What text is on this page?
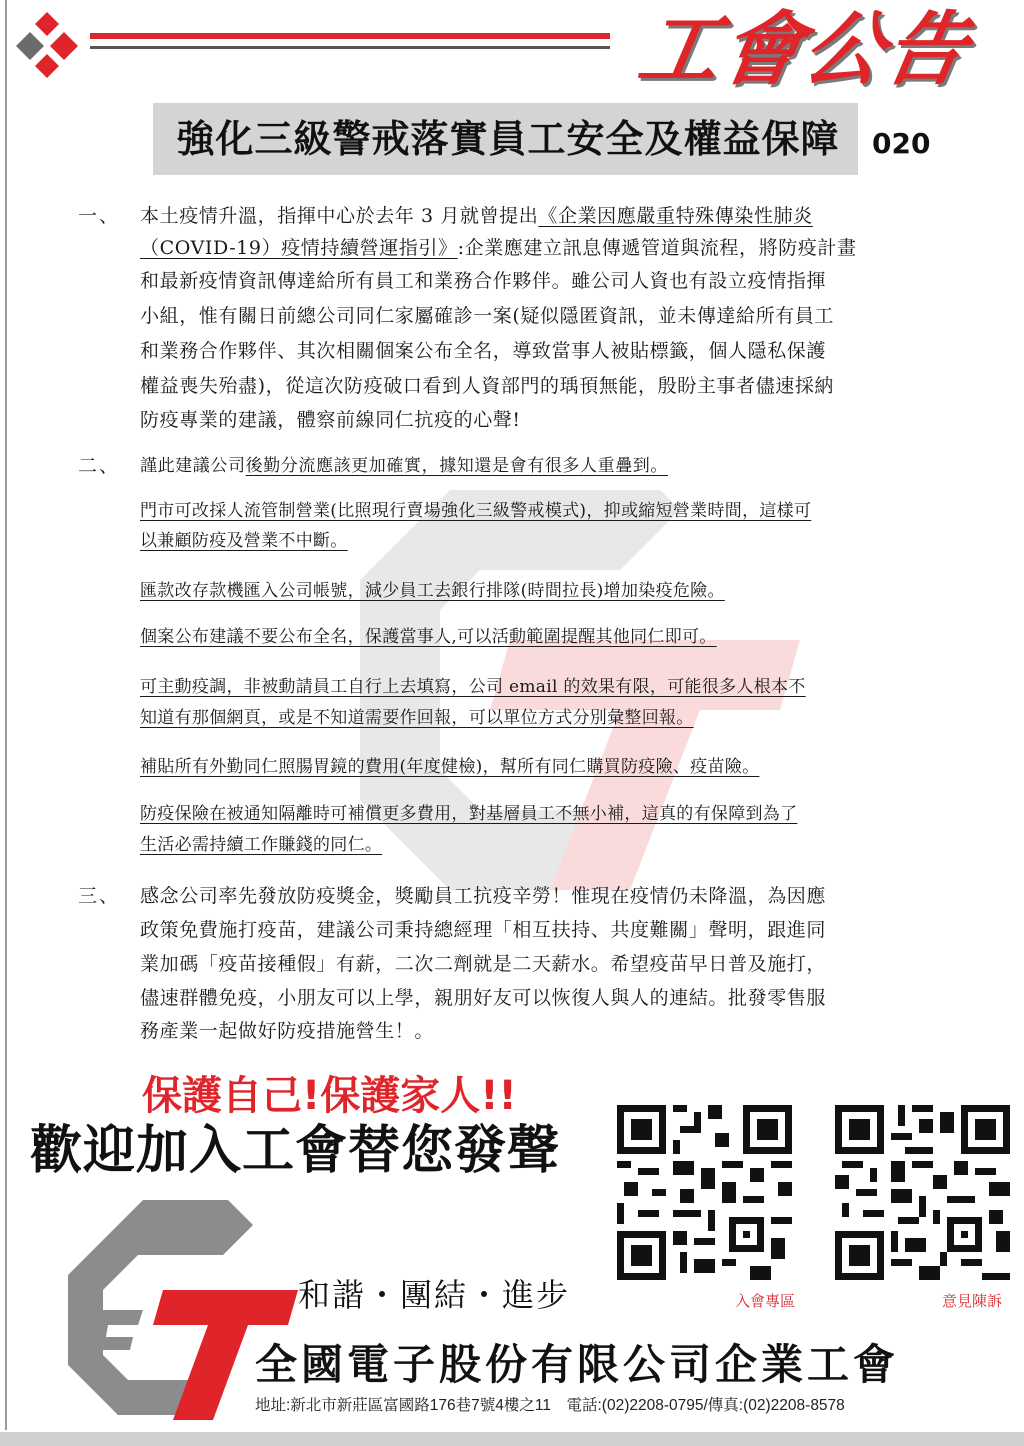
工會公告
強化三級警戒落實員工安全及權益保障	020
一、 本土疫情升溫，指揮中心於去年 3 月就曾提出《企業因應嚴重特殊傳染性肺炎
（COVID-19）疫情持續營運指引》:企業應建立訊息傳遞管道與流程，將防疫計畫
和最新疫情資訊傳達給所有員工和業務合作夥伴。雖公司人資也有設立疫情指揮
小組，惟有關日前總公司同仁家屬確診一案(疑似隱匿資訊，並未傳達給所有員工
和業務合作夥伴、其次相關個案公布全名，導致當事人被貼標籤，個人隱私保護
權益喪失殆盡)，從這次防疫破口看到人資部門的瑀頇無能，殷盼主事者儘速採納
防疫專業的建議，體察前線同仁抗疫的心聲!
二、 謹此建議公司後勤分流應該更加確實，據知還是會有很多人重疊到。
門市可改採人流管制營業(比照現行賣場強化三級警戒模式)，抑或縮短營業時間，這樣可
以兼顧防疫及營業不中斷。
匯款改存款機匯入公司帳號，減少員工去銀行排隊(時間拉長)增加染疫危險。
個案公布建議不要公布全名，保護當事人,可以活動範圍提醒其他同仁即可。
可主動疫調，非被動請員工自行上去填寫，公司 email 的效果有限，可能很多人根本不
知道有那個網頁，或是不知道需要作回報，可以單位方式分別彙整回報。
補貼所有外勤同仁照腸胃鏡的費用(年度健檢)，幫所有同仁購買防疫險、疫苗險。
防疫保險在被通知隔離時可補償更多費用，對基層員工不無小補，這真的有保障到為了
生活必需持續工作賺錢的同仁。
三、 感念公司率先發放防疫獎金，獎勵員工抗疫辛勞！惟現在疫情仍未降溫，為因應
政策免費施打疫苗，建議公司秉持總經理「相互扶持、共度難關」聲明，跟進同
業加碼「疫苗接種假」有薪，二次二劑就是二天薪水。希望疫苗早日普及施打，
儘速群體免疫，小朋友可以上學，親朋好友可以恢復人與人的連結。批發零售服
務產業一起做好防疫措施營生！。
保護自己!保護家人!!
歡迎加入工會替您發聲
入會專區	意見陳訴
和諧・團結・進步
全國電子股份有限公司企業工會
地址:新北市新莊區富國路176巷7號4樓之11　電話:(02)2208-0795/傳真:(02)2208-8578
